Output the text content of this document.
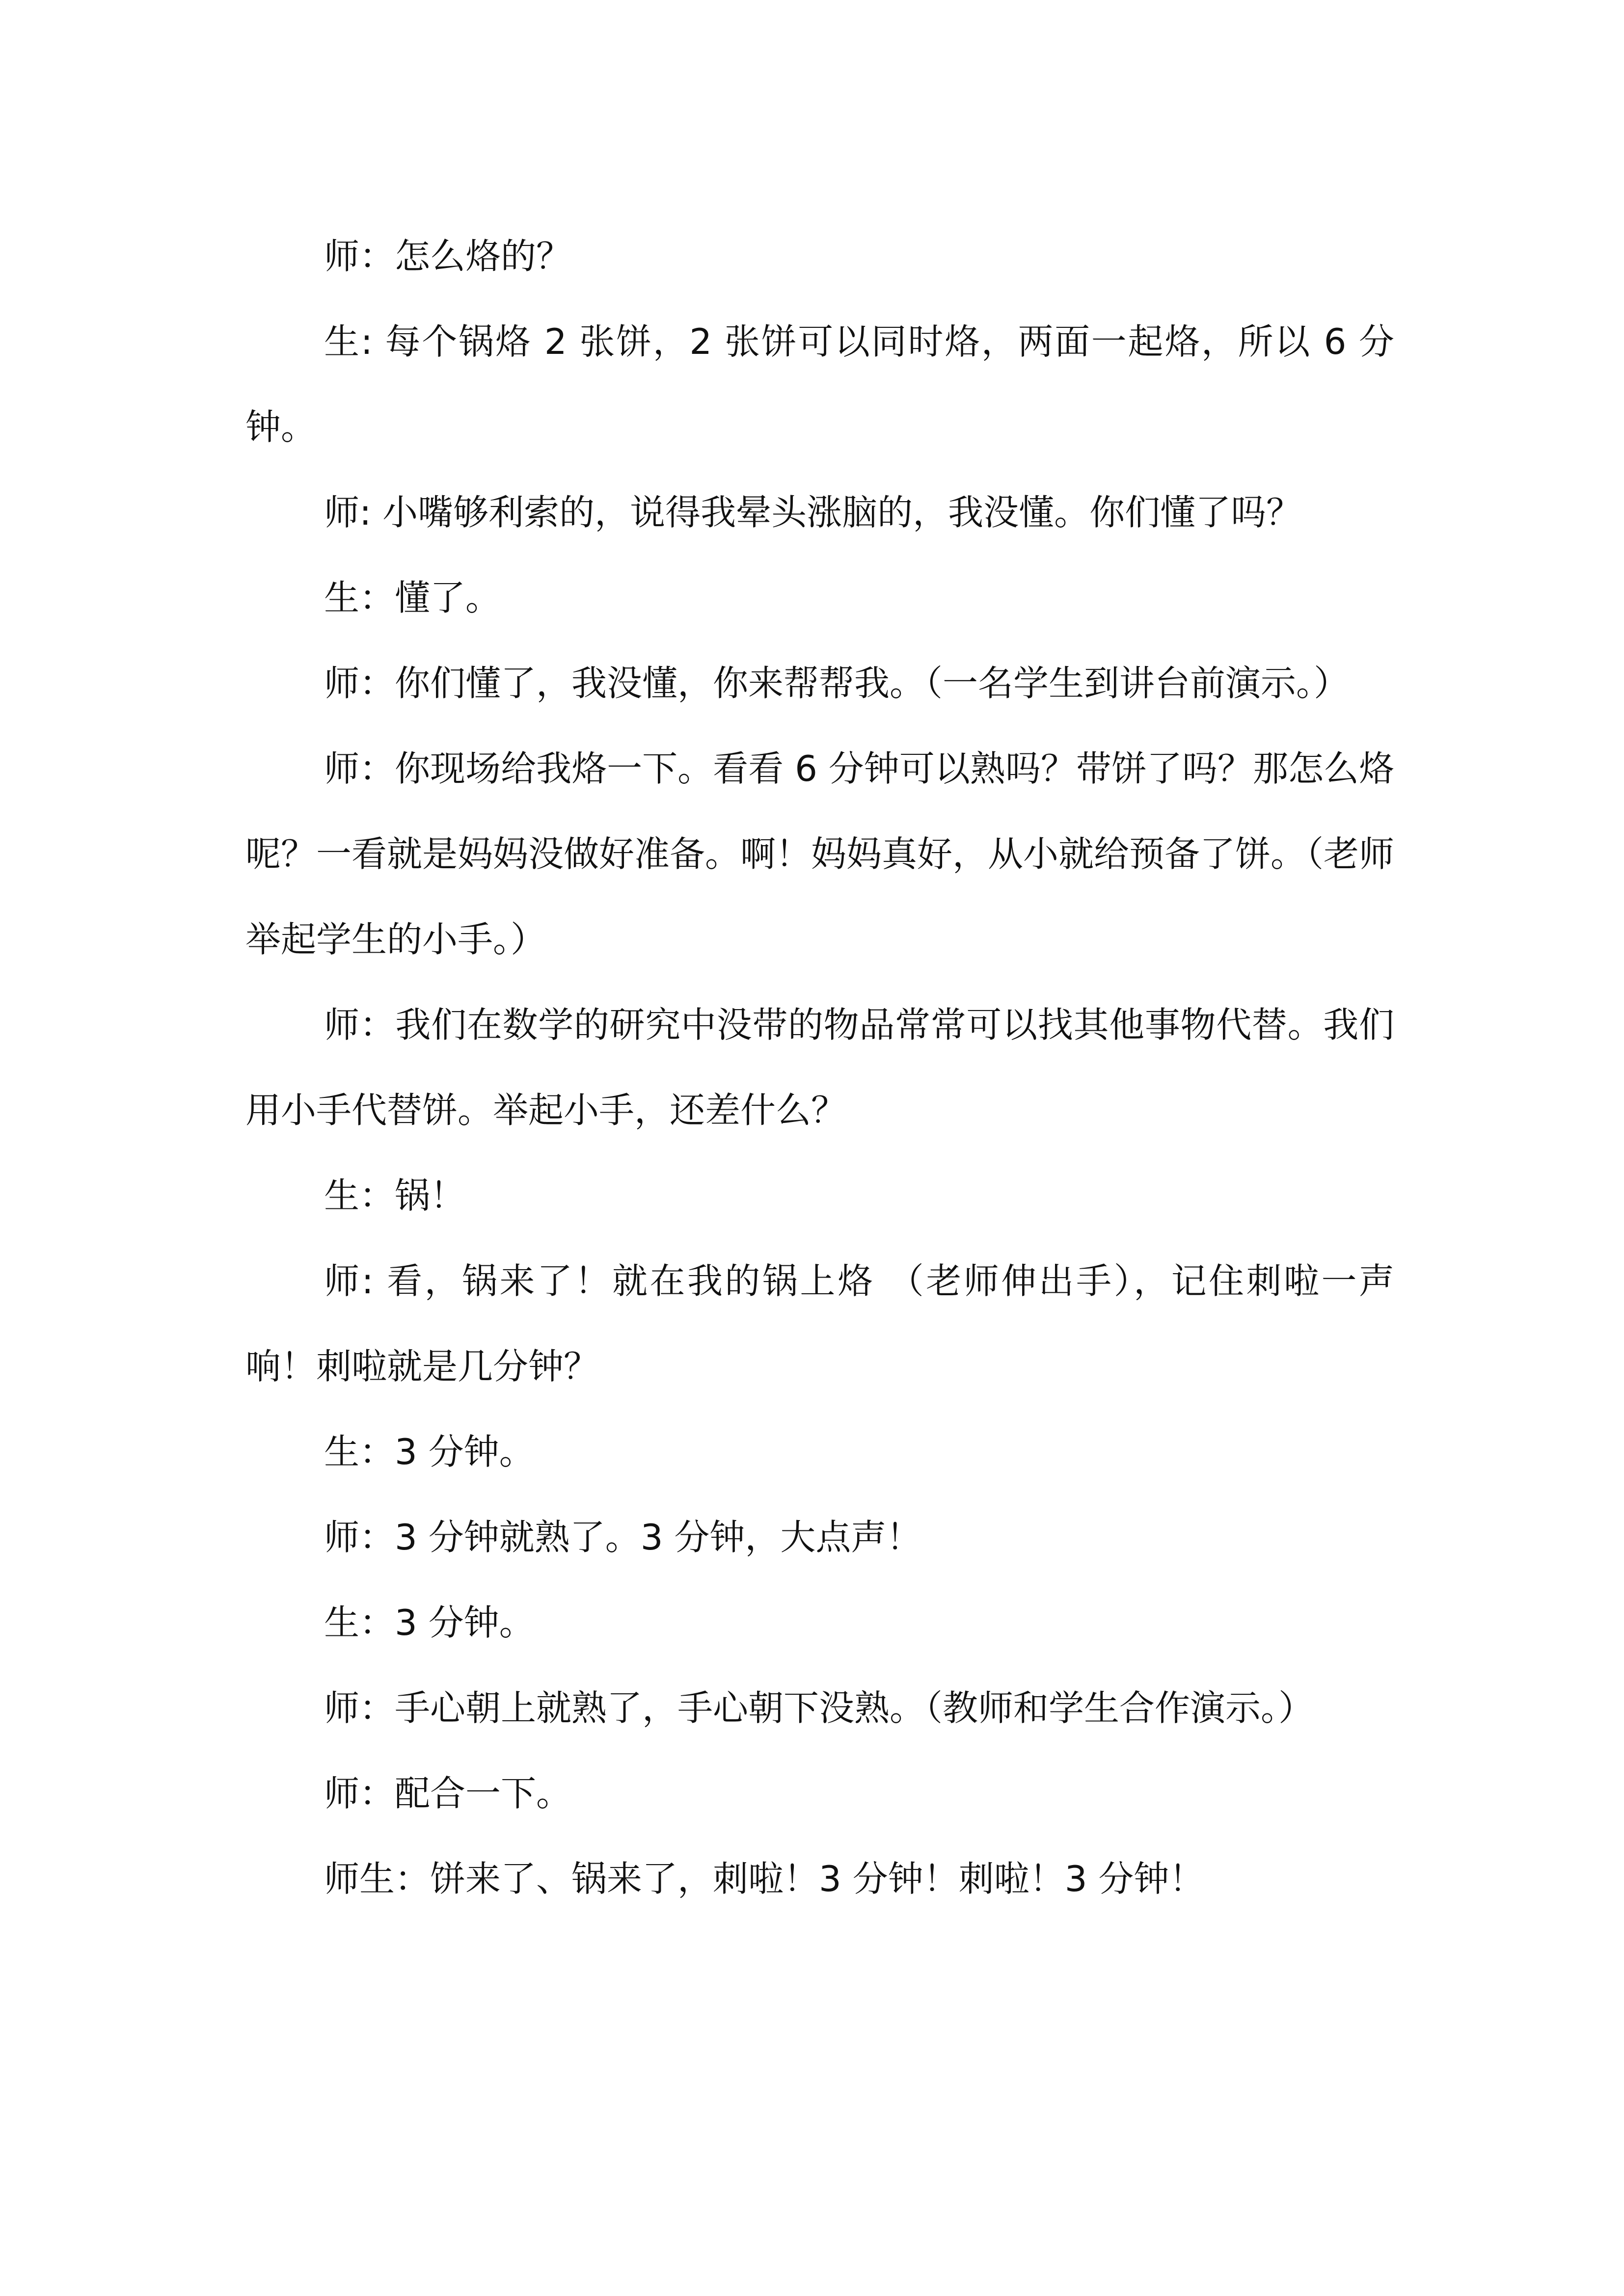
师：怎么烙的？

生: 每个锅烙 2 张饼，2 张饼可以同时烙，两面一起烙，所以 6 分钟。

师: 小嘴够利索的，说得我晕头涨脑的，我没懂。你们懂了吗？

生：懂了。

师：你们懂了，我没懂，你来帮帮我。（一名学生到讲台前演示。）

师：你现场给我烙一下。看看 6 分钟可以熟吗？带饼了吗？那怎么烙呢？一看就是妈妈没做好准备。啊！妈妈真好，从小就给预备了饼。（老师举起学生的小手。）

师：我们在数学的研究中没带的物品常常可以找其他事物代替。我们用小手代替饼。举起小手，还差什么？

生：锅！

师: 看，锅来了！就在我的锅上烙 （老师伸出手），记住刺啦一声响！刺啦就是几分钟？

生：3 分钟。

师：3 分钟就熟了。3 分钟，大点声！

生：3 分钟。

师：手心朝上就熟了，手心朝下没熟。（教师和学生合作演示。）

师：配合一下。

师生：饼来了、锅来了，刺啦！3 分钟！刺啦！3 分钟！
